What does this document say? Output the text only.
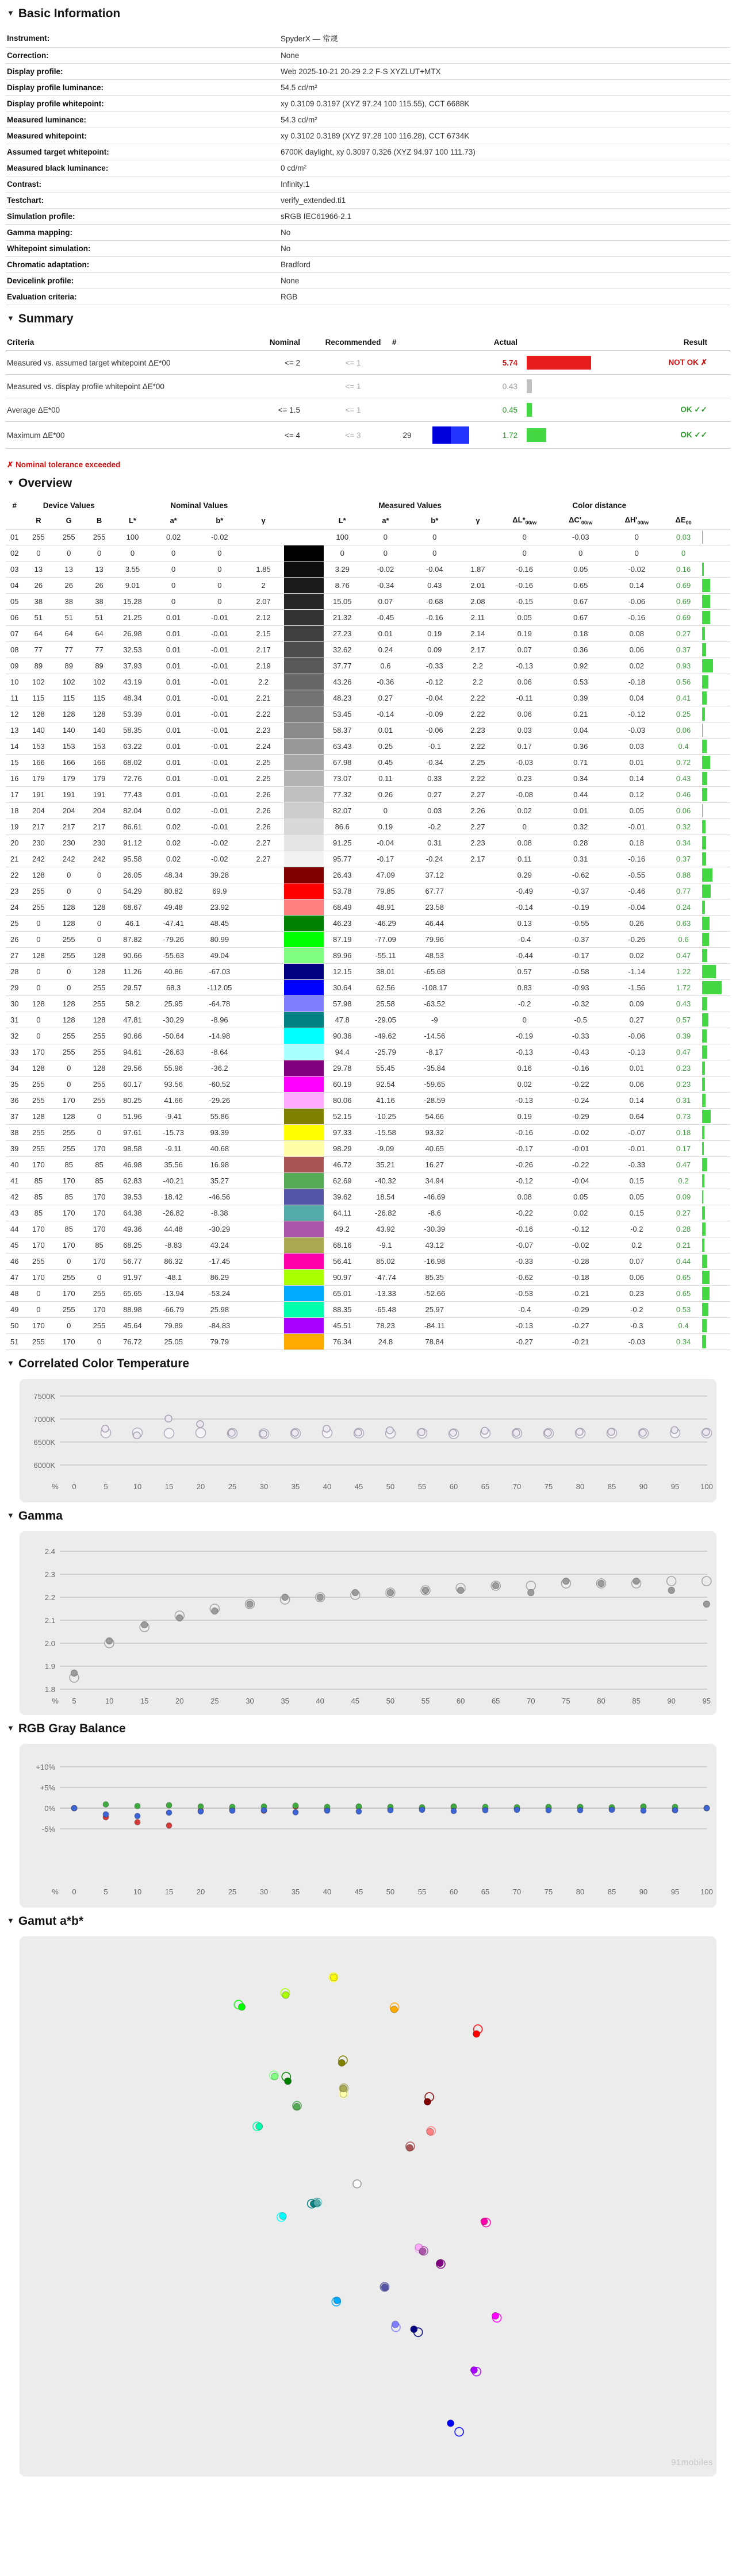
▼ Basic Information
Instrument:	SpyderX — 常规
Correction:	None
Display profile:	Web 2025-10-21 20-29 2.2 F-S XYZLUT+MTX
Display profile luminance:	54.5 cd/m²
Display profile whitepoint:	xy 0.3109 0.3197 (XYZ 97.24 100 115.55), CCT 6688K
Measured luminance:	54.3 cd/m²
Measured whitepoint:	xy 0.3102 0.3189 (XYZ 97.28 100 116.28), CCT 6734K
Assumed target whitepoint:	6700K daylight, xy 0.3097 0.326 (XYZ 94.97 100 111.73)
Measured black luminance:	0 cd/m²
Contrast:	Infinity:1
Testchart:	verify_extended.ti1
Simulation profile:	sRGB IEC61966-2.1
Gamma mapping:	No
Whitepoint simulation:	No
Chromatic adaptation:	Bradford
Devicelink profile:	None
Evaluation criteria:	RGB
▼ Summary
Criteria	Nominal	Recommended	#		Actual		Result
Measured vs. assumed target whitepoint ΔE*00	<= 2	<= 1			5.74		NOT OK ✗
Measured vs. display profile whitepoint ΔE*00		<= 1			0.43		
Average ΔE*00	<= 1.5	<= 1			0.45		OK ✓✓
Maximum ΔE*00	<= 4	<= 3	29		1.72		OK ✓✓
✗ Nominal tolerance exceeded
▼ Overview
#	Device Values			Nominal Values					Measured Values				Color distance				
	R	G	B	L*	a*	b*	γ		L*	a*	b*	γ	$\Delta L*_{00/w}$	$\Delta C'_{00/w}$	$\Delta H'_{00/w}$	$\Delta E_{00}$	
01	255	255	255	100	0.02	-0.02			100	0	0		0	-0.03	0	0.03	

02	0	0	0	0	0	0			0	0	0		0	0	0	0	

03	13	13	13	3.55	0	0	1.85		3.29	-0.02	-0.04	1.87	-0.16	0.05	-0.02	0.16	

04	26	26	26	9.01	0	0	2		8.76	-0.34	0.43	2.01	-0.16	0.65	0.14	0.69	

05	38	38	38	15.28	0	0	2.07		15.05	0.07	-0.68	2.08	-0.15	0.67	-0.06	0.69	

06	51	51	51	21.25	0.01	-0.01	2.12		21.32	-0.45	-0.16	2.11	0.05	0.67	-0.16	0.69	

07	64	64	64	26.98	0.01	-0.01	2.15		27.23	0.01	0.19	2.14	0.19	0.18	0.08	0.27	

08	77	77	77	32.53	0.01	-0.01	2.17		32.62	0.24	0.09	2.17	0.07	0.36	0.06	0.37	

09	89	89	89	37.93	0.01	-0.01	2.19		37.77	0.6	-0.33	2.2	-0.13	0.92	0.02	0.93	

10	102	102	102	43.19	0.01	-0.01	2.2		43.26	-0.36	-0.12	2.2	0.06	0.53	-0.18	0.56	

11	115	115	115	48.34	0.01	-0.01	2.21		48.23	0.27	-0.04	2.22	-0.11	0.39	0.04	0.41	

12	128	128	128	53.39	0.01	-0.01	2.22		53.45	-0.14	-0.09	2.22	0.06	0.21	-0.12	0.25	

13	140	140	140	58.35	0.01	-0.01	2.23		58.37	0.01	-0.06	2.23	0.03	0.04	-0.03	0.06	

14	153	153	153	63.22	0.01	-0.01	2.24		63.43	0.25	-0.1	2.22	0.17	0.36	0.03	0.4	

15	166	166	166	68.02	0.01	-0.01	2.25		67.98	0.45	-0.34	2.25	-0.03	0.71	0.01	0.72	

16	179	179	179	72.76	0.01	-0.01	2.25		73.07	0.11	0.33	2.22	0.23	0.34	0.14	0.43	

17	191	191	191	77.43	0.01	-0.01	2.26		77.32	0.26	0.27	2.27	-0.08	0.44	0.12	0.46	

18	204	204	204	82.04	0.02	-0.01	2.26		82.07	0	0.03	2.26	0.02	0.01	0.05	0.06	

19	217	217	217	86.61	0.02	-0.01	2.26		86.6	0.19	-0.2	2.27	0	0.32	-0.01	0.32	

20	230	230	230	91.12	0.02	-0.02	2.27		91.25	-0.04	0.31	2.23	0.08	0.28	0.18	0.34	

21	242	242	242	95.58	0.02	-0.02	2.27		95.77	-0.17	-0.24	2.17	0.11	0.31	-0.16	0.37	

22	128	0	0	26.05	48.34	39.28			26.43	47.09	37.12		0.29	-0.62	-0.55	0.88	

23	255	0	0	54.29	80.82	69.9			53.78	79.85	67.77		-0.49	-0.37	-0.46	0.77	

24	255	128	128	68.67	49.48	23.92			68.49	48.91	23.58		-0.14	-0.19	-0.04	0.24	

25	0	128	0	46.1	-47.41	48.45			46.23	-46.29	46.44		0.13	-0.55	0.26	0.63	

26	0	255	0	87.82	-79.26	80.99			87.19	-77.09	79.96		-0.4	-0.37	-0.26	0.6	

27	128	255	128	90.66	-55.63	49.04			89.96	-55.11	48.53		-0.44	-0.17	0.02	0.47	

28	0	0	128	11.26	40.86	-67.03			12.15	38.01	-65.68		0.57	-0.58	-1.14	1.22	

29	0	0	255	29.57	68.3	-112.05			30.64	62.56	-108.17		0.83	-0.93	-1.56	1.72	

30	128	128	255	58.2	25.95	-64.78			57.98	25.58	-63.52		-0.2	-0.32	0.09	0.43	

31	0	128	128	47.81	-30.29	-8.96			47.8	-29.05	-9		0	-0.5	0.27	0.57	

32	0	255	255	90.66	-50.64	-14.98			90.36	-49.62	-14.56		-0.19	-0.33	-0.06	0.39	

33	170	255	255	94.61	-26.63	-8.64			94.4	-25.79	-8.17		-0.13	-0.43	-0.13	0.47	

34	128	0	128	29.56	55.96	-36.2			29.78	55.45	-35.84		0.16	-0.16	0.01	0.23	

35	255	0	255	60.17	93.56	-60.52			60.19	92.54	-59.65		0.02	-0.22	0.06	0.23	

36	255	170	255	80.25	41.66	-29.26			80.06	41.16	-28.59		-0.13	-0.24	0.14	0.31	

37	128	128	0	51.96	-9.41	55.86			52.15	-10.25	54.66		0.19	-0.29	0.64	0.73	

38	255	255	0	97.61	-15.73	93.39			97.33	-15.58	93.32		-0.16	-0.02	-0.07	0.18	

39	255	255	170	98.58	-9.11	40.68			98.29	-9.09	40.65		-0.17	-0.01	-0.01	0.17	

40	170	85	85	46.98	35.56	16.98			46.72	35.21	16.27		-0.26	-0.22	-0.33	0.47	

41	85	170	85	62.83	-40.21	35.27			62.69	-40.32	34.94		-0.12	-0.04	0.15	0.2	

42	85	85	170	39.53	18.42	-46.56			39.62	18.54	-46.69		0.08	0.05	0.05	0.09	

43	85	170	170	64.38	-26.82	-8.38			64.11	-26.82	-8.6		-0.22	0.02	0.15	0.27	

44	170	85	170	49.36	44.48	-30.29			49.2	43.92	-30.39		-0.16	-0.12	-0.2	0.28	

45	170	170	85	68.25	-8.83	43.24			68.16	-9.1	43.12		-0.07	-0.02	0.2	0.21	

46	255	0	170	56.77	86.32	-17.45			56.41	85.02	-16.98		-0.33	-0.28	0.07	0.44	

47	170	255	0	91.97	-48.1	86.29			90.97	-47.74	85.35		-0.62	-0.18	0.06	0.65	

48	0	170	255	65.65	-13.94	-53.24			65.01	-13.33	-52.66		-0.53	-0.21	0.23	0.65	

49	0	255	170	88.98	-66.79	25.98			88.35	-65.48	25.97		-0.4	-0.29	-0.2	0.53	

50	170	0	255	45.64	79.89	-84.83			45.51	78.23	-84.11		-0.13	-0.27	-0.3	0.4	

51	255	170	0	76.72	25.05	79.79			76.34	24.8	78.84		-0.27	-0.21	-0.03	0.34	
▼ Correlated Color Temperature
7500K
7000K
6500K
6000K
% 0	5	10	15	20	25	30	35	40	45	50	55	60	65	70	75	80	85	90	95	100
▼ Gamma
2.4
2.3
2.2
2.1
2.0
1.9
1.8
% 5	10	15	20	25	30	35	40	45	50	55	60	65	70	75	80	85	90	95
▼ RGB Gray Balance
+10%
+5%
0%
-5%
% 0	5	10	15	20	25	30	35	40	45	50	55	60	65	70	75	80	85	90	95	100
▼ Gamut a*b*
91mobiles
